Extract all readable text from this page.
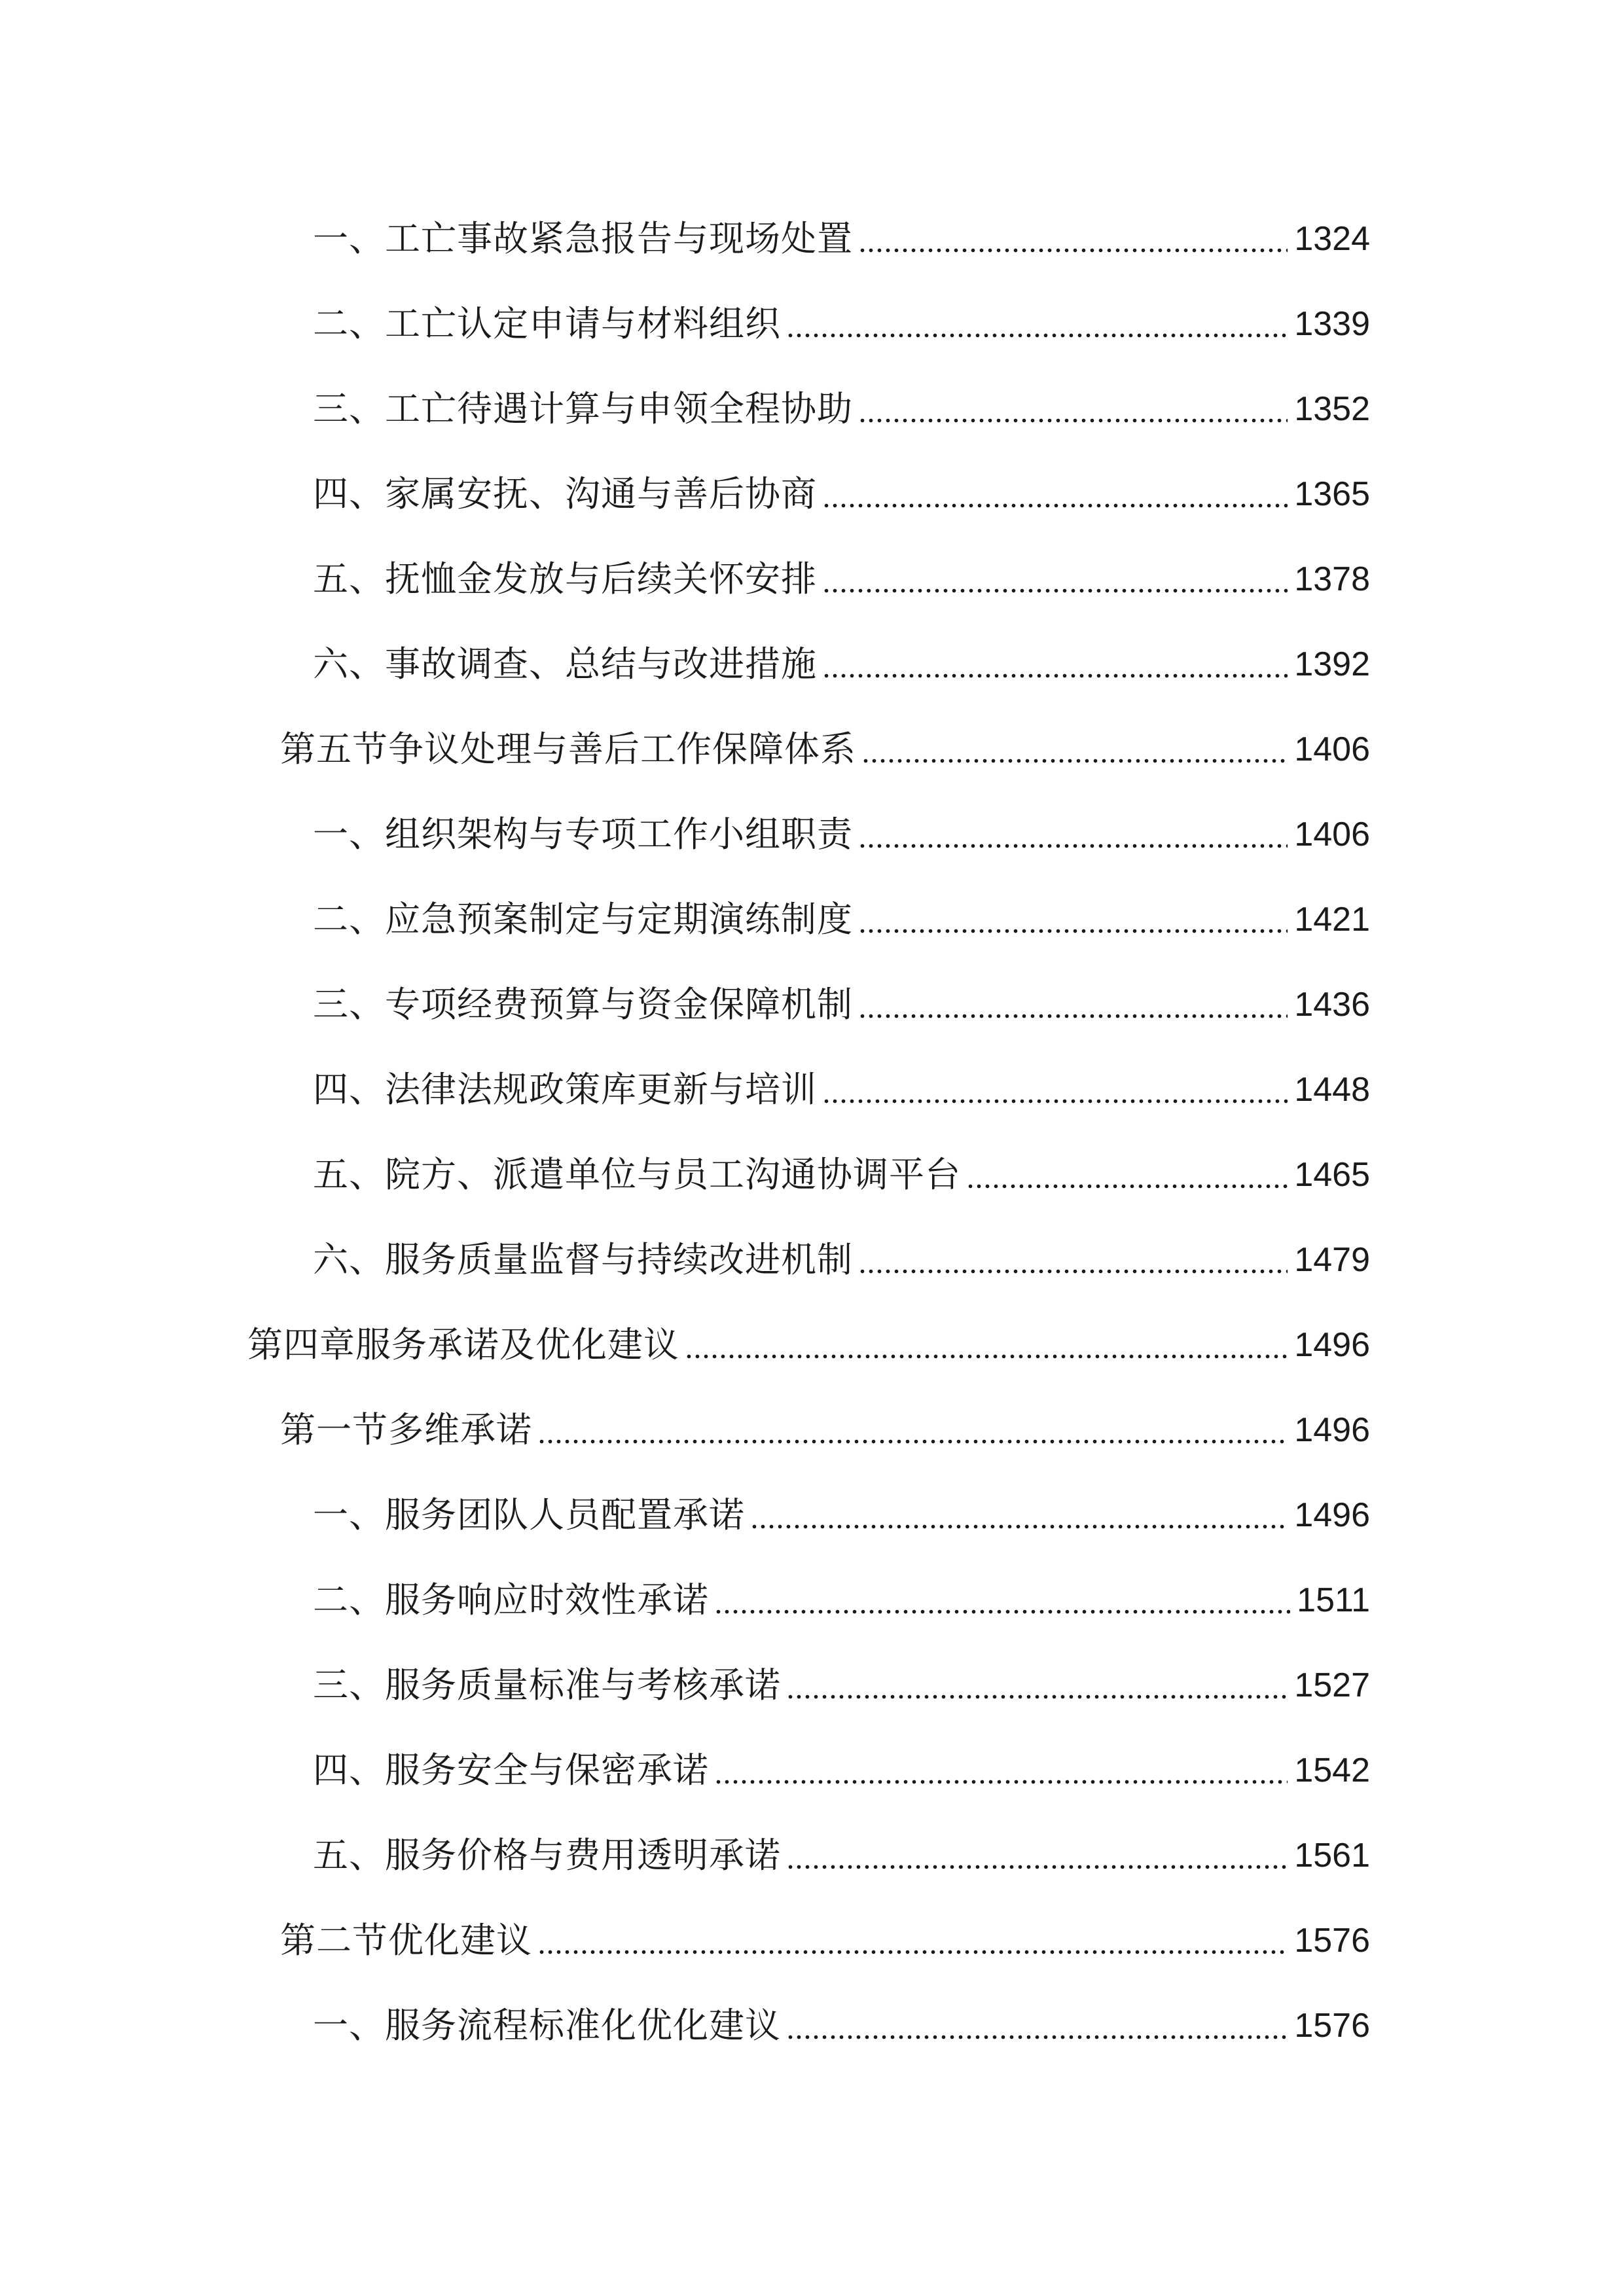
一、工亡事故紧急报告与现场处置	1324
二、工亡认定申请与材料组织	1339
三、工亡待遇计算与申领全程协助	1352
四、家属安抚、沟通与善后协商	1365
五、抚恤金发放与后续关怀安排	1378
六、事故调查、总结与改进措施	1392
第五节争议处理与善后工作保障体系	1406
一、组织架构与专项工作小组职责	1406
二、应急预案制定与定期演练制度	1421
三、专项经费预算与资金保障机制	1436
四、法律法规政策库更新与培训	1448
五、院方、派遣单位与员工沟通协调平台	1465
六、服务质量监督与持续改进机制	1479
第四章服务承诺及优化建议	1496
第一节多维承诺	1496
一、服务团队人员配置承诺	1496
二、服务响应时效性承诺	1511
三、服务质量标准与考核承诺	1527
四、服务安全与保密承诺	1542
五、服务价格与费用透明承诺	1561
第二节优化建议	1576
一、服务流程标准化优化建议	1576
